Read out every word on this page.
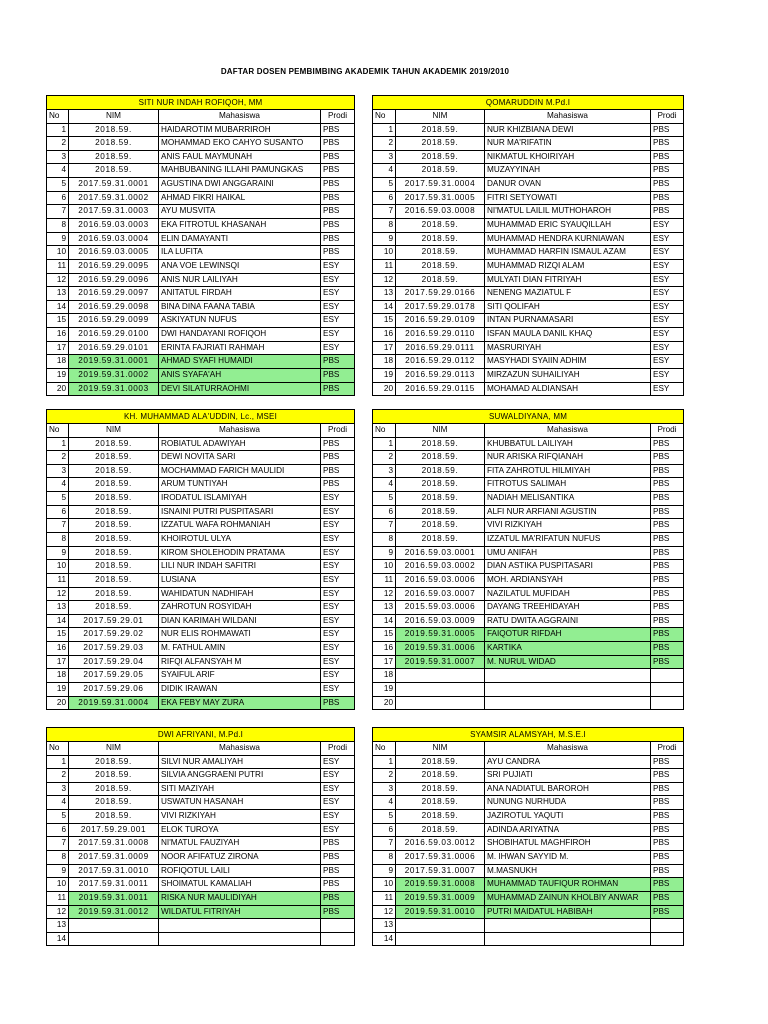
DAFTAR DOSEN PEMBIMBING AKADEMIK TAHUN AKADEMIK 2019/2010
SITI NUR INDAH ROFIQOH, MM
No	NIM	Mahasiswa	Prodi
1	2018.59.	HAIDAROTIM MUBARRIROH	PBS
2	2018.59.	MOHAMMAD EKO CAHYO SUSANTO	PBS
3	2018.59.	ANIS FAUL MAYMUNAH	PBS
4	2018.59.	MAHBUBANING ILLAHI PAMUNGKAS	PBS
5	2017.59.31.0001	AGUSTINA DWI ANGGARAINI	PBS
6	2017.59.31.0002	AHMAD FIKRI HAIKAL	PBS
7	2017.59.31.0003	AYU MUSVITA	PBS
8	2016.59.03.0003	EKA FITROTUL KHASANAH	PBS
9	2016.59.03.0004	ELIN DAMAYANTI	PBS
10	2016.59.03.0005	ILA LUFITA	PBS
11	2016.59.29.0095	ANA VOE LEWINSQI	ESY
12	2016.59.29.0096	ANIS NUR LAILIYAH	ESY
13	2016.59.29.0097	ANITATUL FIRDAH	ESY
14	2016.59.29.0098	BINA DINA FAANA TABIA	ESY
15	2016.59.29.0099	ASKIYATUN NUFUS	ESY
16	2016.59.29.0100	DWI HANDAYANI ROFIQOH	ESY
17	2016.59.29.0101	ERINTA FAJRIATI RAHMAH	ESY
18	2019.59.31.0001	AHMAD SYAFI HUMAIDI	PBS
19	2019.59.31.0002	ANIS SYAFA'AH	PBS
20	2019.59.31.0003	DEVI SILATURRAOHMI	PBS
QOMARUDDIN M.Pd.I
No	NIM	Mahasiswa	Prodi
1	2018.59.	NUR KHIZBIANA DEWI	PBS
2	2018.59.	NUR MA'RIFATIN	PBS
3	2018.59.	NIKMATUL KHOIRIYAH	PBS
4	2018.59.	MUZAYYINAH	PBS
5	2017.59.31.0004	DANUR OVAN	PBS
6	2017.59.31.0005	FITRI SETYOWATI	PBS
7	2016.59.03.0008	NI'MATUL LAILIL MUTHOHAROH	PBS
8	2018.59.	MUHAMMAD ERIC SYAUQILLAH	ESY
9	2018.59.	MUHAMMAD HENDRA KURNIAWAN	ESY
10	2018.59.	MUHAMMAD HARFIN ISMAUL AZAM	ESY
11	2018.59.	MUHAMMAD RIZQI ALAM	ESY
12	2018.59.	MULYATI DIAN FITRIYAH	ESY
13	2017.59.29.0166	NENENG MAZIATUL F	ESY
14	2017.59.29.0178	SITI QOLIFAH	ESY
15	2016.59.29.0109	INTAN PURNAMASARI	ESY
16	2016.59.29.0110	ISFAN MAULA DANIL KHAQ	ESY
17	2016.59.29.0111	MASRURIYAH	ESY
18	2016.59.29.0112	MASYHADI SYAIIN ADHIM	ESY
19	2016.59.29.0113	MIRZAZUN SUHAILIYAH	ESY
20	2016.59.29.0115	MOHAMAD ALDIANSAH	ESY
KH. MUHAMMAD ALA'UDDIN, Lc., MSEI
No	NIM	Mahasiswa	Prodi
1	2018.59.	ROBIATUL ADAWIYAH	PBS
2	2018.59.	DEWI NOVITA SARI	PBS
3	2018.59.	MOCHAMMAD FARICH MAULIDI	PBS
4	2018.59.	ARUM TUNTIYAH	PBS
5	2018.59.	IRODATUL ISLAMIYAH	ESY
6	2018.59.	ISNAINI PUTRI PUSPITASARI	ESY
7	2018.59.	IZZATUL WAFA ROHMANIAH	ESY
8	2018.59.	KHOIROTUL ULYA	ESY
9	2018.59.	KIROM SHOLEHODIN PRATAMA	ESY
10	2018.59.	LILI NUR INDAH SAFITRI	ESY
11	2018.59.	LUSIANA	ESY
12	2018.59.	WAHIDATUN NADHIFAH	ESY
13	2018.59.	ZAHROTUN ROSYIDAH	ESY
14	2017.59.29.01	DIAN KARIMAH WILDANI	ESY
15	2017.59.29.02	NUR ELIS ROHMAWATI	ESY
16	2017.59.29.03	M. FATHUL AMIN	ESY
17	2017.59.29.04	RIFQI ALFANSYAH M	ESY
18	2017.59.29.05	SYAIFUL ARIF	ESY
19	2017.59.29.06	DIDIK IRAWAN	ESY
20	2019.59.31.0004	EKA FEBY MAY ZURA	PBS
SUWALDIYANA, MM
No	NIM	Mahasiswa	Prodi
1	2018.59.	KHUBBATUL LAILIYAH	PBS
2	2018.59.	NUR ARISKA RIFQIANAH	PBS
3	2018.59.	FITA ZAHROTUL HILMIYAH	PBS
4	2018.59.	FITROTUS SALIMAH	PBS
5	2018.59.	NADIAH MELISANTIKA	PBS
6	2018.59.	ALFI NUR ARFIANI AGUSTIN	PBS
7	2018.59.	VIVI RIZKIYAH	PBS
8	2018.59.	IZZATUL MA'RIFATUN NUFUS	PBS
9	2016.59.03.0001	UMU ANIFAH	PBS
10	2016.59.03.0002	DIAN ASTIKA PUSPITASARI	PBS
11	2016.59.03.0006	MOH. ARDIANSYAH	PBS
12	2016.59.03.0007	NAZILATUL MUFIDAH	PBS
13	2015.59.03.0006	DAYANG TREEHIDAYAH	PBS
14	2016.59.03.0009	RATU DWITA AGGRAINI	PBS
15	2019.59.31.0005	FAIQOTUR RIFDAH	PBS
16	2019.59.31.0006	KARTIKA	PBS
17	2019.59.31.0007	M. NURUL WIDAD	PBS
18
19
20
DWI AFRIYANI, M.Pd.I
No	NIM	Mahasiswa	Prodi
1	2018.59.	SILVI NUR AMALIYAH	ESY
2	2018.59.	SILVIA ANGGRAENI PUTRI	ESY
3	2018.59.	SITI MAZIYAH	ESY
4	2018.59.	USWATUN HASANAH	ESY
5	2018.59.	VIVI RIZKIYAH	ESY
6	2017.59.29.001	ELOK TUROYA	ESY
7	2017.59.31.0008	NI'MATUL FAUZIYAH	PBS
8	2017.59.31.0009	NOOR AFIFATUZ ZIRONA	PBS
9	2017.59.31.0010	ROFIQOTUL LAILI	PBS
10	2017.59.31.0011	SHOIMATUL KAMALIAH	PBS
11	2019.59.31.0011	RISKA NUR MAULIDIYAH	PBS
12	2019.59.31.0012	WILDATUL FITRIYAH	PBS
13
14
SYAMSIR ALAMSYAH, M.S.E.I
No	NIM	Mahasiswa	Prodi
1	2018.59.	AYU CANDRA	PBS
2	2018.59.	SRI PUJIATI	PBS
3	2018.59.	ANA NADIATUL BAROROH	PBS
4	2018.59.	NUNUNG NURHUDA	PBS
5	2018.59.	JAZIROTUL YAQUTI	PBS
6	2018.59.	ADINDA ARIYATNA	PBS
7	2016.59.03.0012	SHOBIHATUL MAGHFIROH	PBS
8	2017.59.31.0006	M. IHWAN SAYYID M.	PBS
9	2017.59.31.0007	M.MASNUKH	PBS
10	2019.59.31.0008	MUHAMMAD TAUFIQUR ROHMAN	PBS
11	2019.59.31.0009	MUHAMMAD ZAINUN KHOLBIY ANWAR	PBS
12	2019.59.31.0010	PUTRI MAIDATUL HABIBAH	PBS
13
14
